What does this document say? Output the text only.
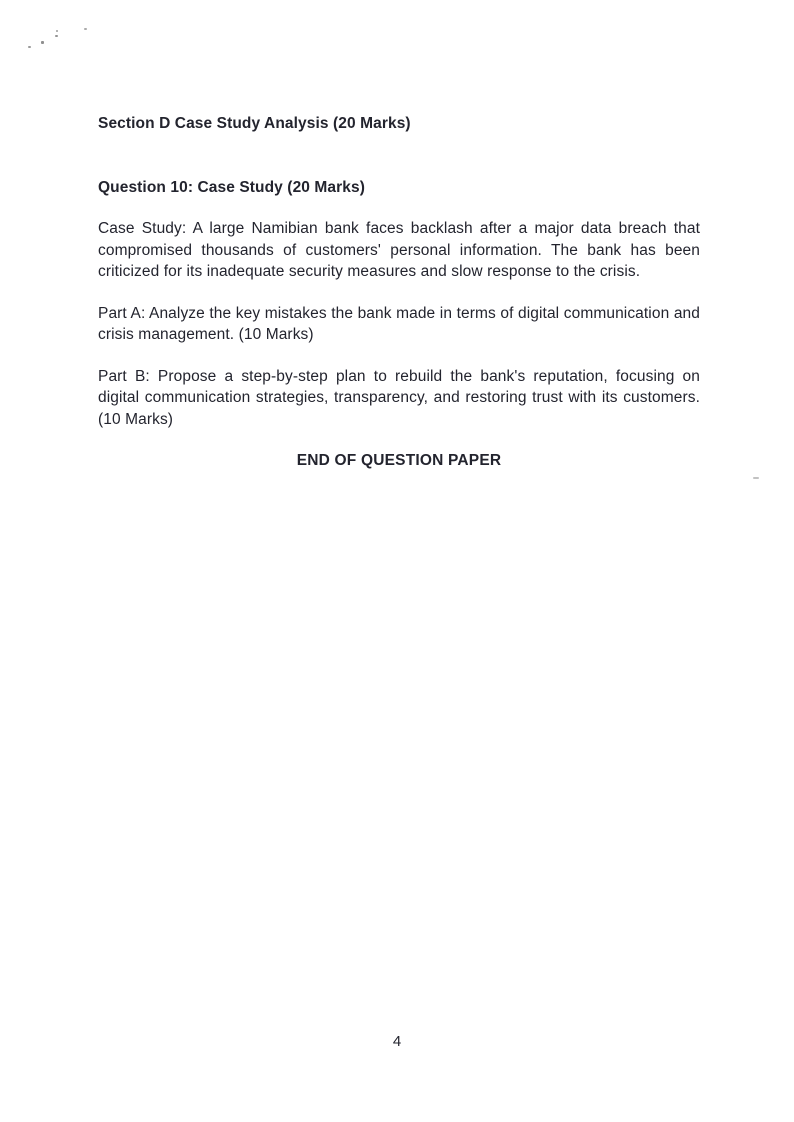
Section D Case Study Analysis (20 Marks)
Question 10: Case Study (20 Marks)

Case Study: A large Namibian bank faces backlash after a major data breach that compromised thousands of customers' personal information. The bank has been criticized for its inadequate security measures and slow response to the crisis.

Part A: Analyze the key mistakes the bank made in terms of digital communication and crisis management. (10 Marks)

Part B: Propose a step-by-step plan to rebuild the bank's reputation, focusing on digital communication strategies, transparency, and restoring trust with its customers. (10 Marks)

END OF QUESTION PAPER
4
